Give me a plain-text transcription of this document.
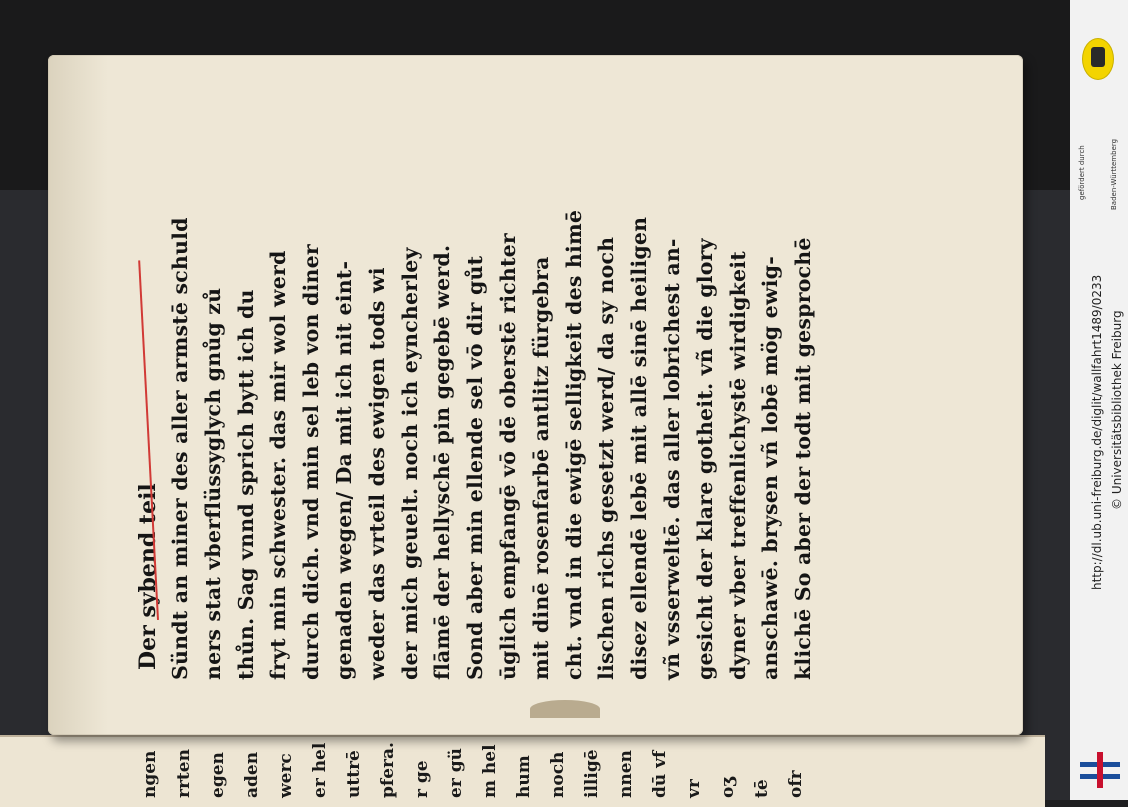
ngen rrten egen aden werc er hel uttrē pfera. r ge er gü m hel hum noch illigē nnen dū vf vr oʒ tē ofr
Der sybend teil Sündt an miner des aller armstē schuld ners stat vberflüssyglych gnůg zů thůn. Sag vnnd sprich bytt ich du fryt min schwester. das mir wol werd durch dich. vnd min sel leb von diner genaden wegen/ Da mit ich nit eint- weder das vrteil des ewigen tods wi der mich geuelt. noch ich eyncherley flāmē der hellyschē pin gegebē werd. Sond aber min ellende sel vō dir gůt ūglich empfangē vō dē oberstē richter mit dinē rosenfarbē antlitz fürgebra cht. vnd in die ewigē selligkeit des himē lischen richs gesetzt werd/ da sy noch disez ellendē lebē mit allē sinē heiligen vñ vsserweltē. das aller lobrichest an- gesicht der klare gotheit. vñ die glory dyner vber treffenlichystē wirdigkeit anschawē. brysen vñ lobē mög ewig- klichē So aber der todt mit gesprochē
gefördert durch	Baden-Württemberg
http://dl.ub.uni-freiburg.de/diglit/wallfahrt1489/0233 © Universitätsbibliothek Freiburg
